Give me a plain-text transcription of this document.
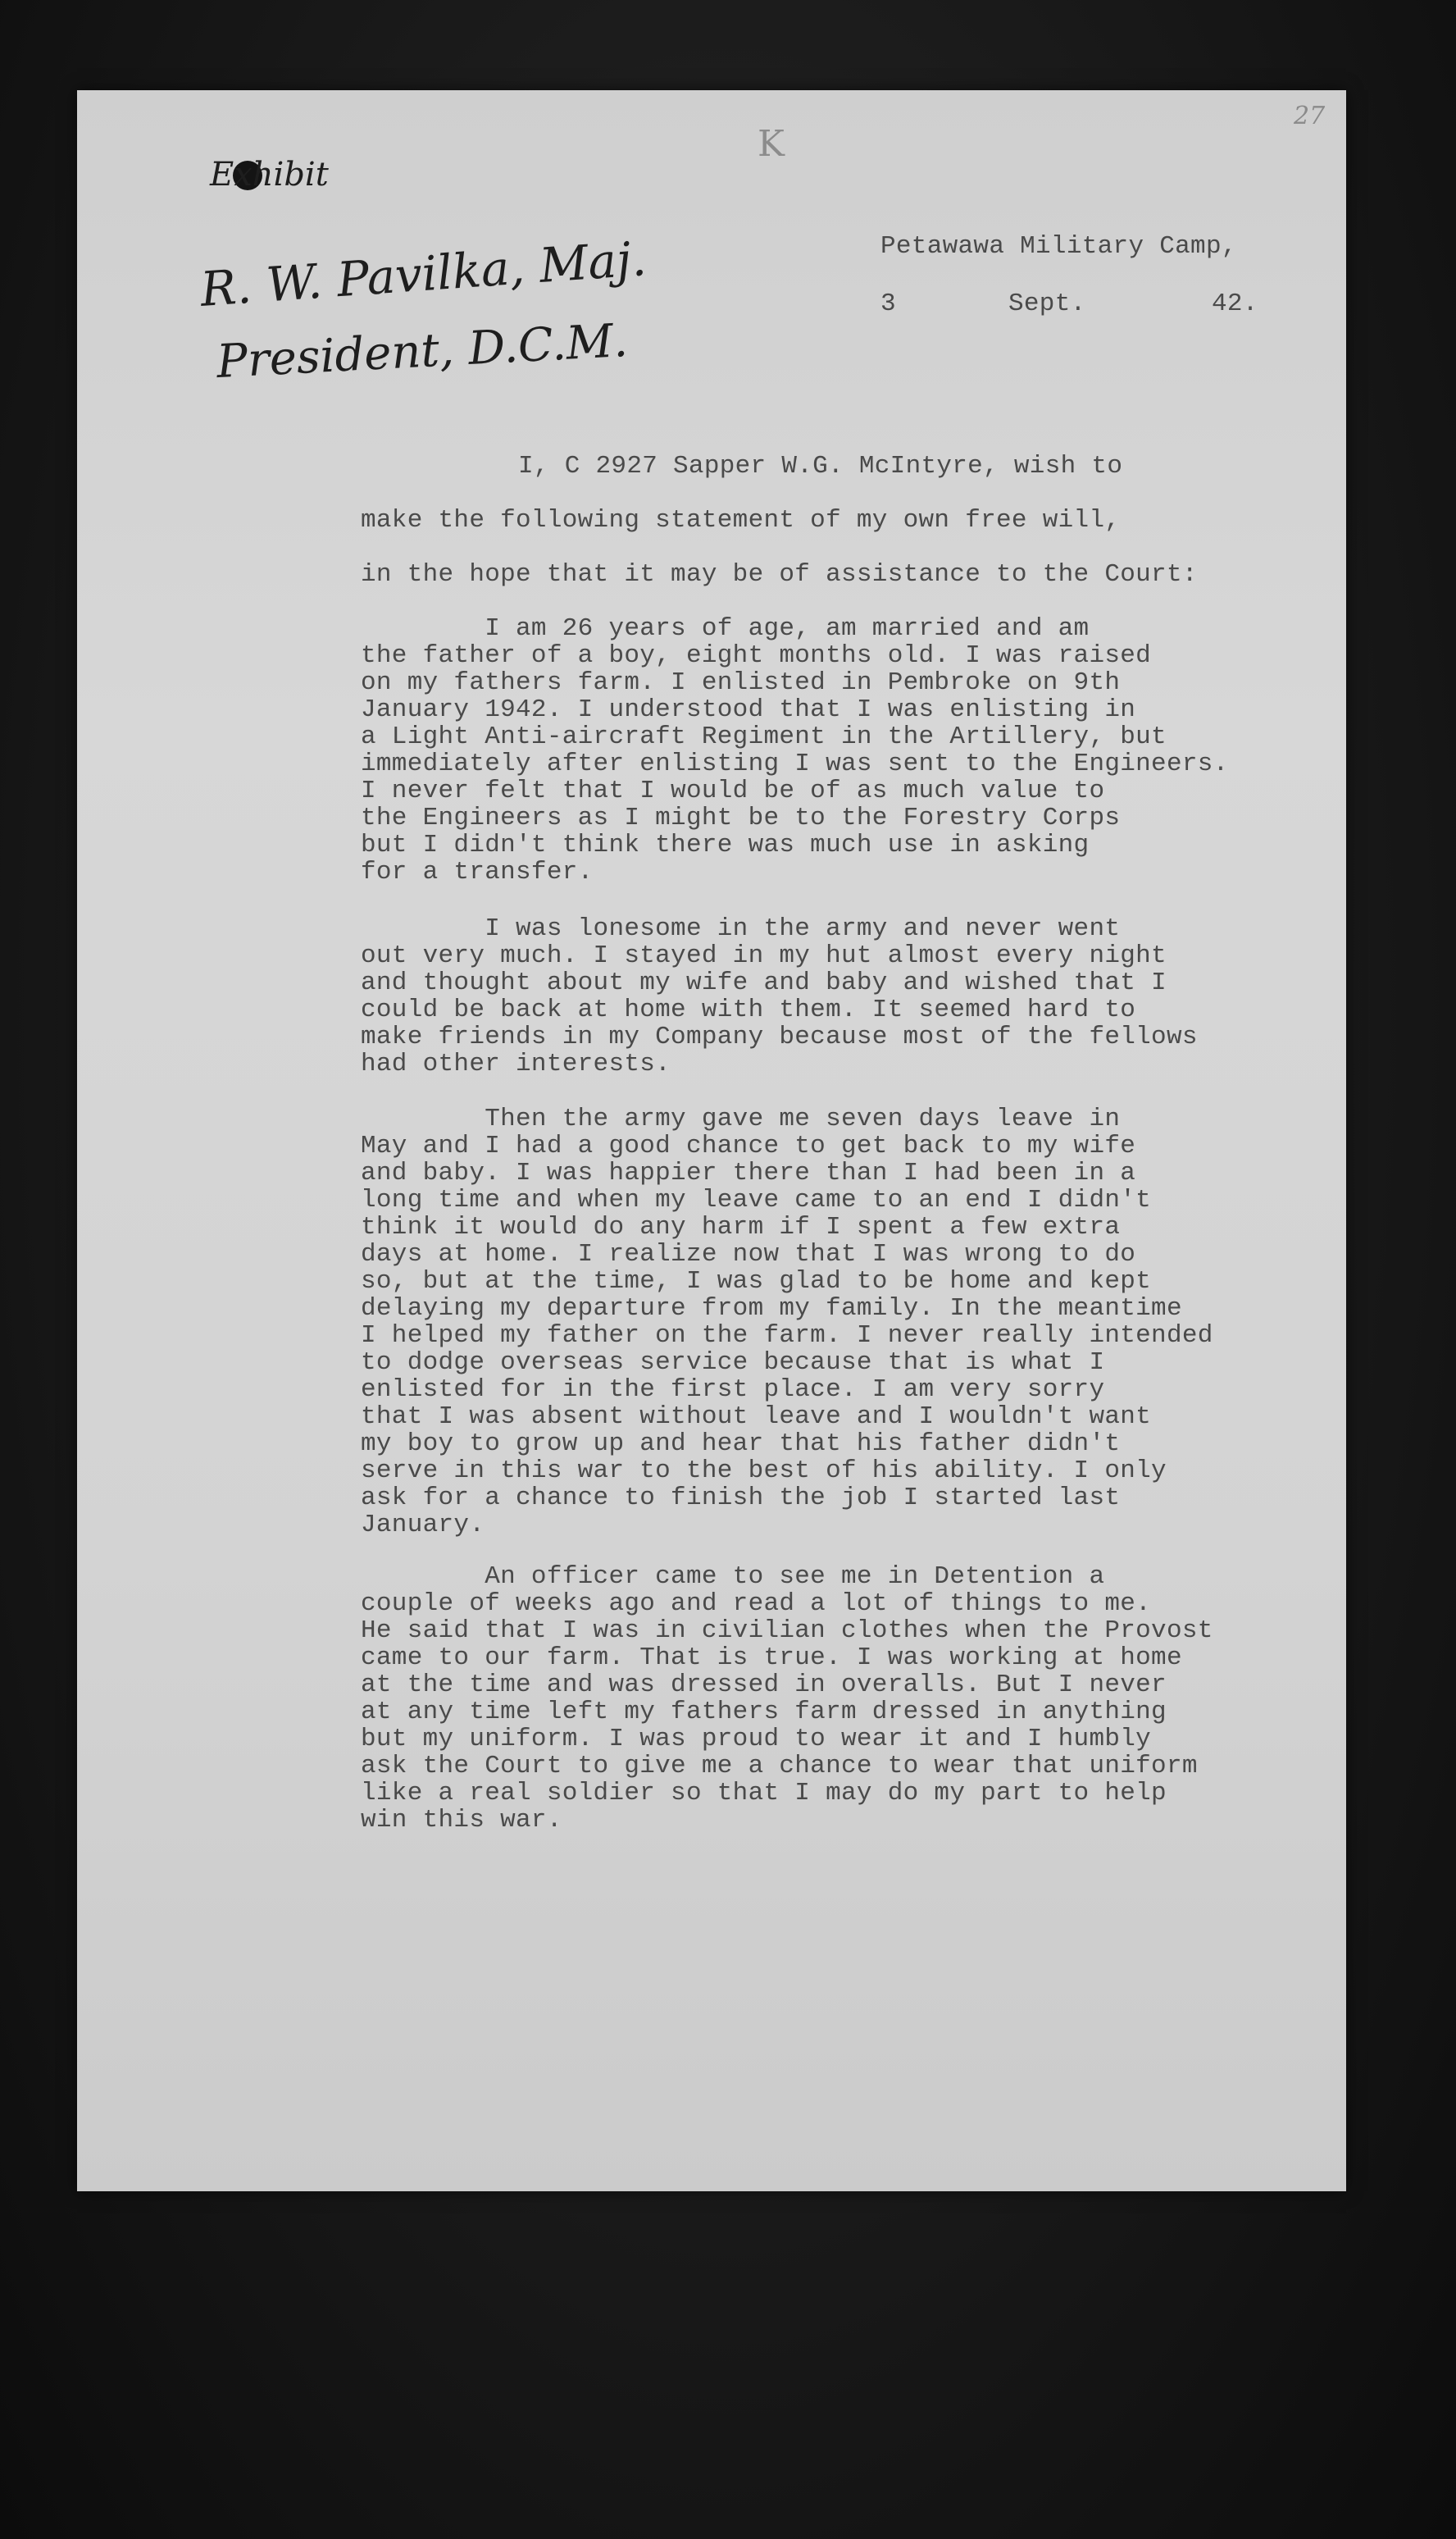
Exhibit
K
27
R. W. Pavilka, Maj.
President, D.C.M.
Petawawa Military Camp,
3	Sept.	42.
I, C 2927 Sapper W.G. McIntyre, wish to
make the following statement of my own free will,
in the hope that it may be of assistance to the Court:
I am 26 years of age, am married and am
the father of a boy, eight months old. I was raised
on my fathers farm. I enlisted in Pembroke on 9th
January 1942. I understood that I was enlisting in
a Light Anti-aircraft Regiment in the Artillery, but
immediately after enlisting I was sent to the Engineers.
I never felt that I would be of as much value to
the Engineers as I might be to the Forestry Corps
but I didn't think there was much use in asking
for a transfer.
I was lonesome in the army and never went
out very much. I stayed in my hut almost every night
and thought about my wife and baby and wished that I
could be back at home with them. It seemed hard to
make friends in my Company because most of the fellows
had other interests.
Then the army gave me seven days leave in
May and I had a good chance to get back to my wife
and baby. I was happier there than I had been in a
long time and when my leave came to an end I didn't
think it would do any harm if I spent a few extra
days at home. I realize now that I was wrong to do
so, but at the time, I was glad to be home and kept
delaying my departure from my family. In the meantime
I helped my father on the farm. I never really intended
to dodge overseas service because that is what I
enlisted for in the first place. I am very sorry
that I was absent without leave and I wouldn't want
my boy to grow up and hear that his father didn't
serve in this war to the best of his ability. I only
ask for a chance to finish the job I started last
January.
An officer came to see me in Detention a
couple of weeks ago and read a lot of things to me.
He said that I was in civilian clothes when the Provost
came to our farm. That is true. I was working at home
at the time and was dressed in overalls. But I never
at any time left my fathers farm dressed in anything
but my uniform. I was proud to wear it and I humbly
ask the Court to give me a chance to wear that uniform
like a real soldier so that I may do my part to help
win this war.
